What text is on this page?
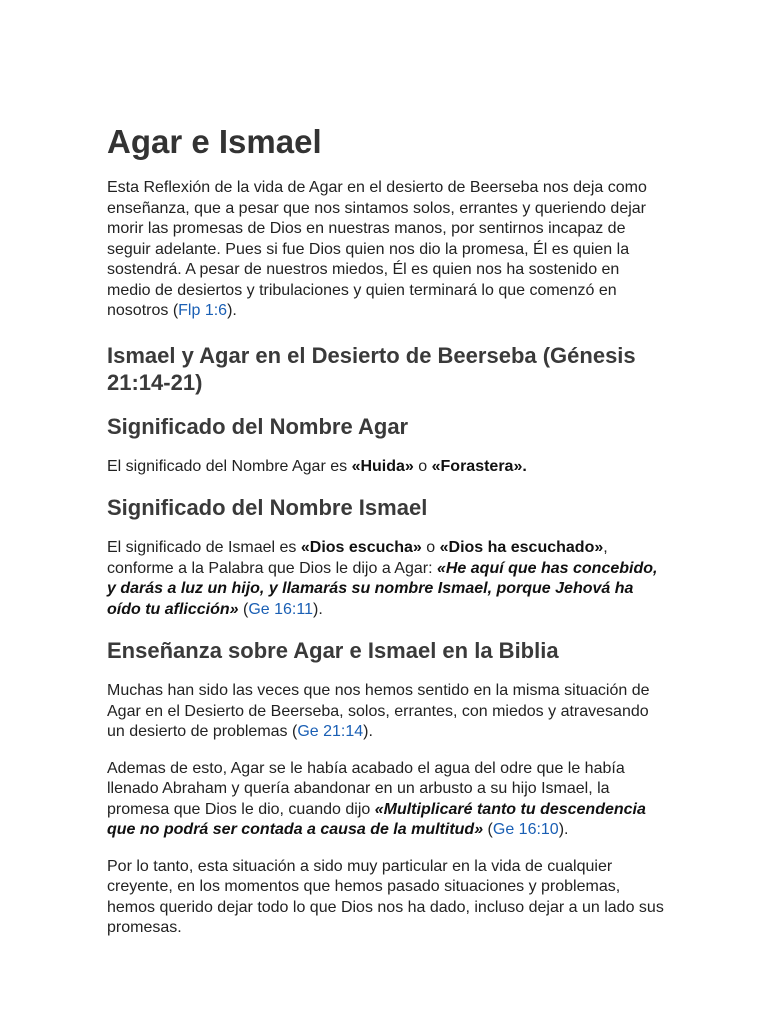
Agar e Ismael

Esta Reflexión de la vida de Agar en el desierto de Beerseba nos deja como enseñanza, que a pesar que nos sintamos solos, errantes y queriendo dejar morir las promesas de Dios en nuestras manos, por sentirnos incapaz de seguir adelante. Pues si fue Dios quien nos dio la promesa, Él es quien la sostendrá. A pesar de nuestros miedos, Él es quien nos ha sostenido en medio de desiertos y tribulaciones y quien terminará lo que comenzó en nosotros (Flp 1:6).

Ismael y Agar en el Desierto de Beerseba (Génesis 21:14-21)
Significado del Nombre Agar

El significado del Nombre Agar es «Huida» o «Forastera».

Significado del Nombre Ismael

El significado de Ismael es «Dios escucha» o «Dios ha escuchado», conforme a la Palabra que Dios le dijo a Agar: «He aquí que has concebido, y darás a luz un hijo, y llamarás su nombre Ismael, porque Jehová ha oído tu aflicción» (Ge 16:11).

Enseñanza sobre Agar e Ismael en la Biblia

Muchas han sido las veces que nos hemos sentido en la misma situación de Agar en el Desierto de Beerseba, solos, errantes, con miedos y atravesando un desierto de problemas (Ge 21:14).

Ademas de esto, Agar se le había acabado el agua del odre que le había llenado Abraham y quería abandonar en un arbusto a su hijo Ismael, la promesa que Dios le dio, cuando dijo «Multiplicaré tanto tu descendencia que no podrá ser contada a causa de la multitud» (Ge 16:10).

Por lo tanto, esta situación a sido muy particular en la vida de cualquier creyente, en los momentos que hemos pasado situaciones y problemas, hemos querido dejar todo lo que Dios nos ha dado, incluso dejar a un lado sus promesas.
